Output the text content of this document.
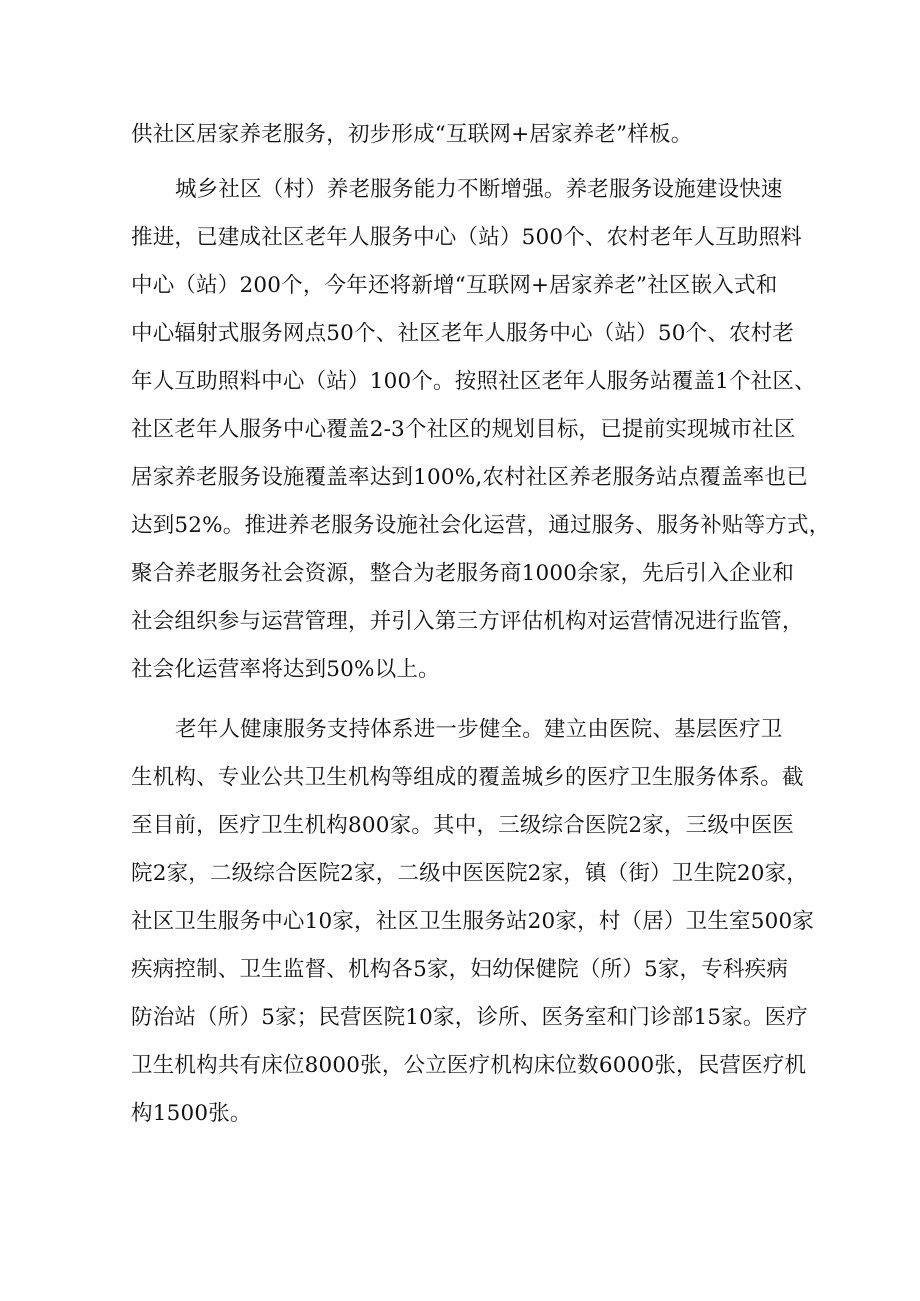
供社区居家养老服务，初步形成“互联网+居家养老”样板。
城乡社区（村）养老服务能力不断增强。养老服务设施建设快速
推进，已建成社区老年人服务中心（站）500个、农村老年人互助照料
中心（站）200个，今年还将新增“互联网+居家养老”社区嵌入式和
中心辐射式服务网点50个、社区老年人服务中心（站）50个、农村老
年人互助照料中心（站）100个。按照社区老年人服务站覆盖1个社区、
社区老年人服务中心覆盖2-3个社区的规划目标，已提前实现城市社区
居家养老服务设施覆盖率达到100%,农村社区养老服务站点覆盖率也已
达到52%。推进养老服务设施社会化运营，通过服务、服务补贴等方式，
聚合养老服务社会资源，整合为老服务商1000余家，先后引入企业和
社会组织参与运营管理，并引入第三方评估机构对运营情况进行监管，
社会化运营率将达到50%以上。
老年人健康服务支持体系进一步健全。建立由医院、基层医疗卫
生机构、专业公共卫生机构等组成的覆盖城乡的医疗卫生服务体系。截
至目前，医疗卫生机构800家。其中，三级综合医院2家，三级中医医
院2家，二级综合医院2家，二级中医医院2家，镇（街）卫生院20家，
社区卫生服务中心10家，社区卫生服务站20家，村（居）卫生室500家
疾病控制、卫生监督、机构各5家，妇幼保健院（所）5家，专科疾病
防治站（所）5家；民营医院10家，诊所、医务室和门诊部15家。医疗
卫生机构共有床位8000张，公立医疗机构床位数6000张，民营医疗机
构1500张。
